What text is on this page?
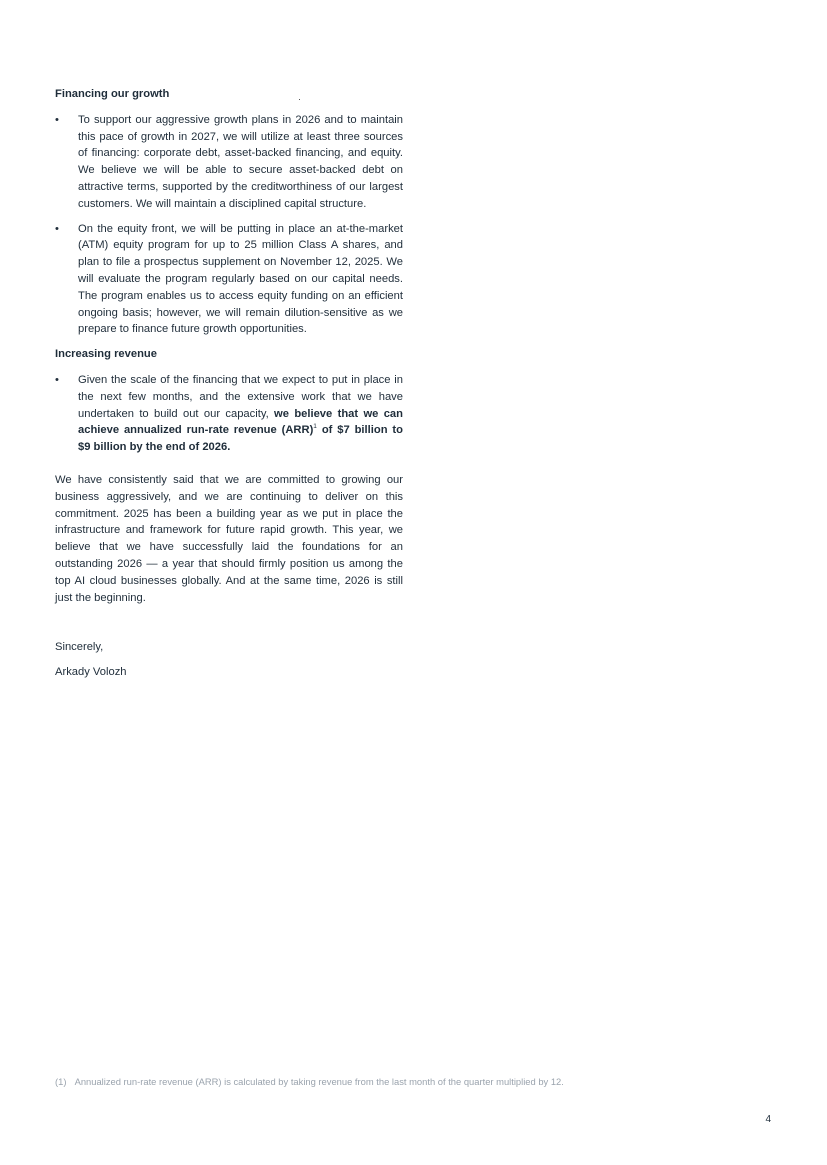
Financing our growth
•	To support our aggressive growth plans in 2026 and to maintain this pace of growth in 2027, we will utilize at least three sources of financing: corporate debt, asset-backed financing, and equity. We believe we will be able to secure asset-backed debt on attractive terms, supported by the creditworthiness of our largest customers. We will maintain a disciplined capital structure.
•	On the equity front, we will be putting in place an at-the-market (ATM) equity program for up to 25 million Class A shares, and plan to file a prospectus supplement on November 12, 2025. We will evaluate the program regularly based on our capital needs. The program enables us to access equity funding on an efficient ongoing basis; however, we will remain dilution-sensitive as we prepare to finance future growth opportunities.
Increasing revenue
•	Given the scale of the financing that we expect to put in place in the next few months, and the extensive work that we have undertaken to build out our capacity, we believe that we can achieve annualized run-rate revenue (ARR)$^1$ of $7 billion to $9 billion by the end of 2026.

We have consistently said that we are committed to growing our business aggressively, and we are continuing to deliver on this commitment. 2025 has been a building year as we put in place the infrastructure and framework for future rapid growth. This year, we believe that we have successfully laid the foundations for an outstanding 2026 — a year that should firmly position us among the top AI cloud businesses globally. And at the same time, 2026 is still just the beginning.

Sincerely,
Arkady Volozh
(1) Annualized run-rate revenue (ARR) is calculated by taking revenue from the last month of the quarter multiplied by 12.
4
